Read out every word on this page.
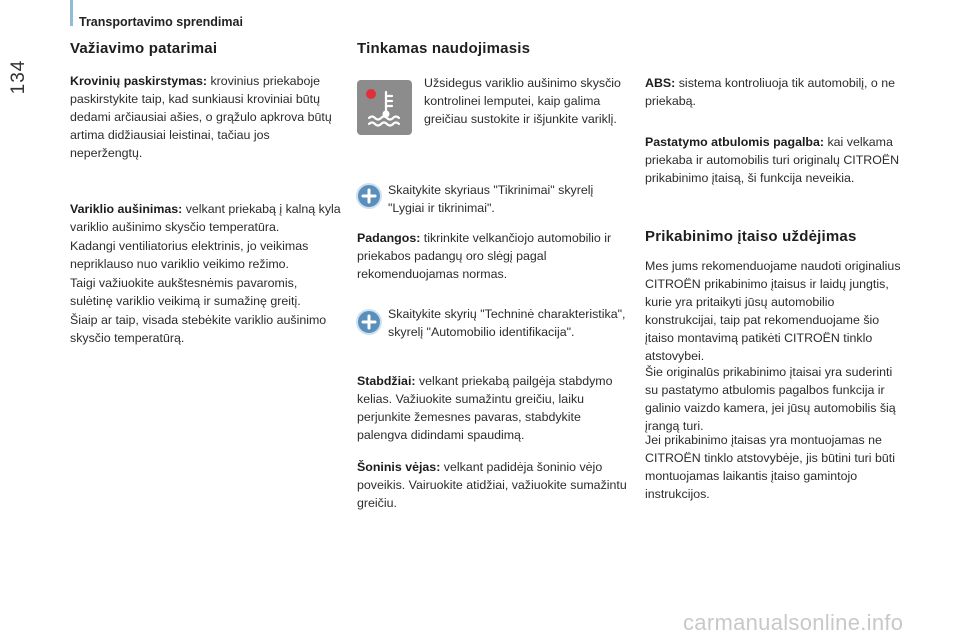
134
Transportavimo sprendimai
Važiavimo patarimai

Krovinių paskirstymas: krovinius priekaboje paskirstykite taip, kad sunkiausi kroviniai būtų dedami arčiausiai ašies, o grąžulo apkrova būtų artima didžiausiai leistinai, tačiau jos neperžengtų.

Variklio aušinimas: velkant priekabą į kalną kyla variklio aušinimo skysčio temperatūra.

Kadangi ventiliatorius elektrinis, jo veikimas nepriklauso nuo variklio veikimo režimo.

Taigi važiuokite aukštesnėmis pavaromis, sulėtinę variklio veikimą ir sumažinę greitį.

Šiaip ar taip, visada stebėkite variklio aušinimo skysčio temperatūrą.

Tinkamas naudojimasis

Užsidegus variklio aušinimo skysčio kontrolinei lemputei, kaip galima greičiau sustokite ir išjunkite variklį.

Skaitykite skyriaus "Tikrinimai" skyrelį "Lygiai ir tikrinimai".

Padangos: tikrinkite velkančiojo automobilio ir priekabos padangų oro slėgį pagal rekomenduojamas normas.

Skaitykite skyrių "Techninė charakteristika", skyrelį "Automobilio identifikacija".

Stabdžiai: velkant priekabą pailgėja stabdymo kelias. Važiuokite sumažintu greičiu, laiku perjunkite žemesnes pavaras, stabdykite palengva didindami spaudimą.

Šoninis vėjas: velkant padidėja šoninio vėjo poveikis. Vairuokite atidžiai, važiuokite sumažintu greičiu.

ABS: sistema kontroliuoja tik automobilį, o ne priekabą.

Pastatymo atbulomis pagalba: kai velkama priekaba ir automobilis turi originalų CITROËN prikabinimo įtaisą, ši funkcija neveikia.

Prikabinimo įtaiso uždėjimas

Mes jums rekomenduojame naudoti originalius CITROËN prikabinimo įtaisus ir laidų jungtis, kurie yra pritaikyti jūsų automobilio konstrukcijai, taip pat rekomenduojame šio įtaiso montavimą patikėti CITROËN tinklo atstovybei.

Šie originalūs prikabinimo įtaisai yra suderinti su pastatymo atbulomis pagalbos funkcija ir galinio vaizdo kamera, jei jūsų automobilis šią įrangą turi.

Jei prikabinimo įtaisas yra montuojamas ne CITROËN tinklo atstovybėje, jis būtini turi būti montuojamas laikantis įtaiso gamintojo instrukcijos.

carmanualsonline.info
